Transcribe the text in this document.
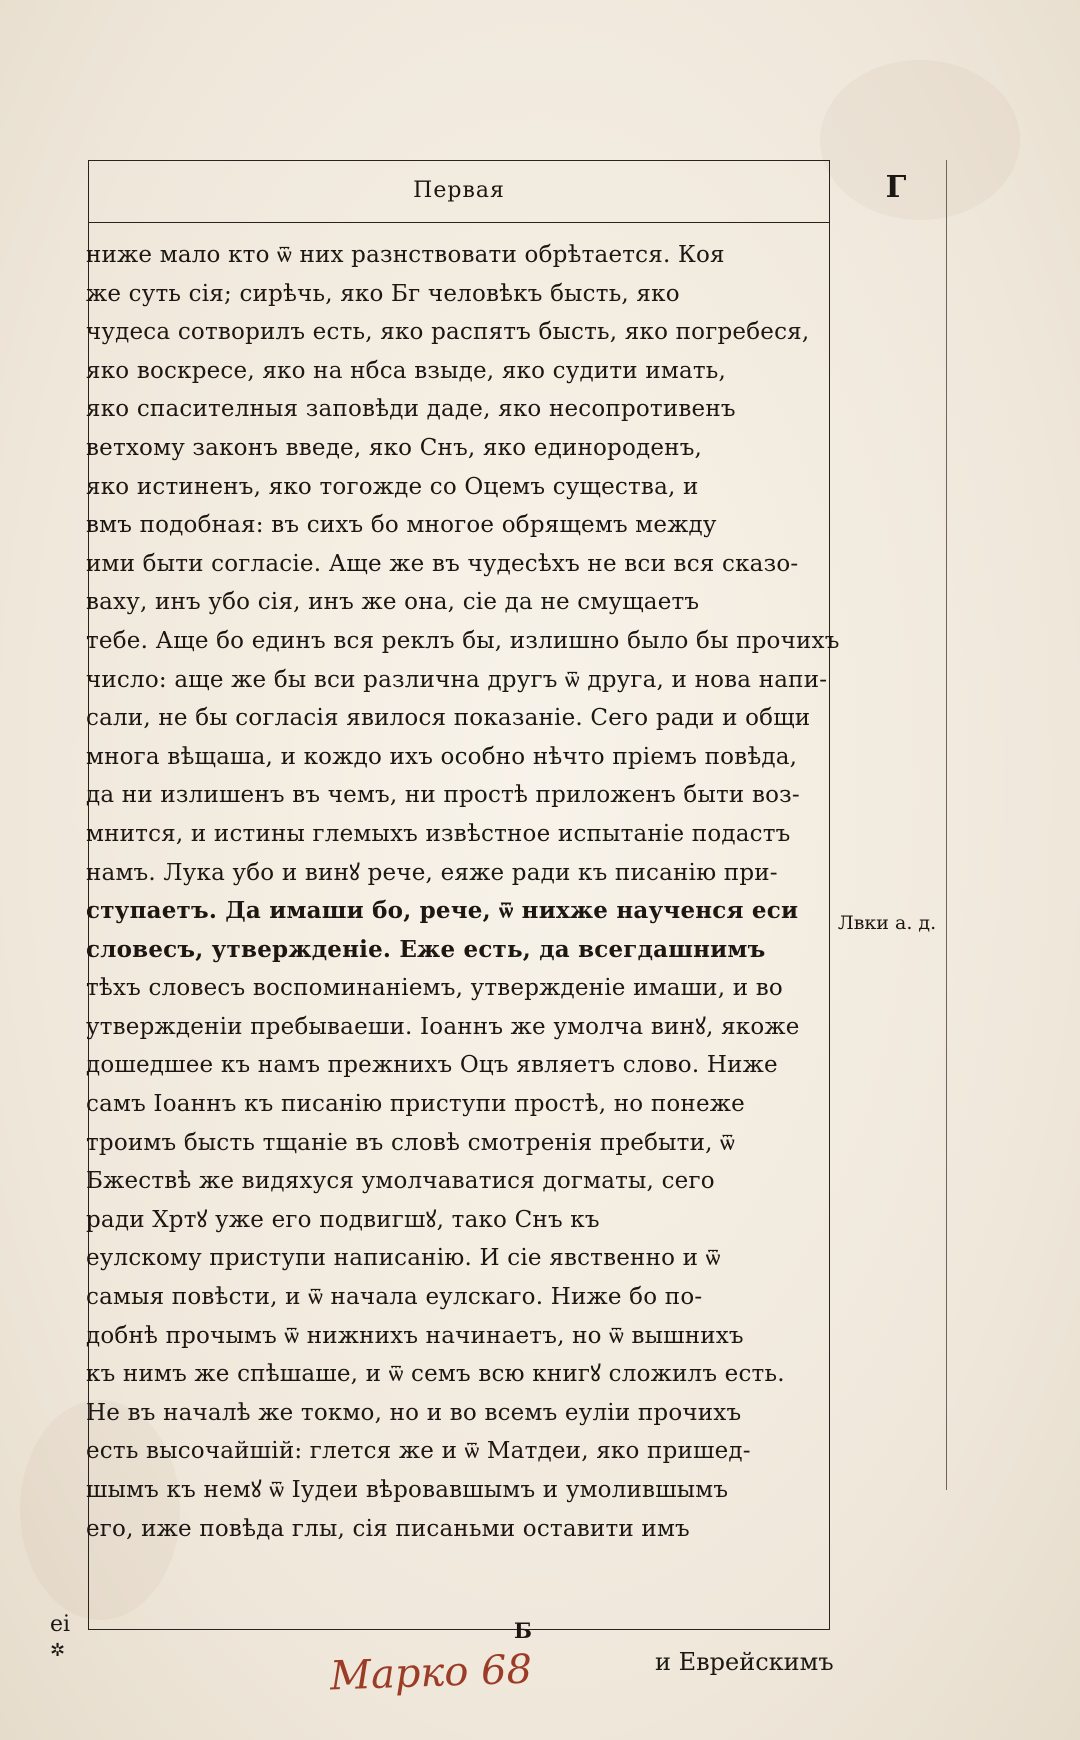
Первая	Г
ниже мало кто ѿ них разнствовати обрѣтается. Коя
же суть сія; сирѣчь, яко Бг человѣкъ бысть, яко
чудеса сотворилъ есть, яко распятъ бысть, яко погребеся,
яко воскресе, яко на нбса взыде, яко судити имать,
яко спасителныя заповѣди даде, яко несопротивенъ
ветхому законъ введе, яко Снъ, яко единороденъ,
яко истиненъ, яко тогожде со Оцемъ существа, и
вмъ подобная: въ сихъ бо многое обрящемъ между
ими быти согласіе. Аще же въ чудесѣхъ не вси вся сказо-
ваху, инъ убо сія, инъ же она, сіе да не смущаетъ
тебе. Аще бо единъ вся реклъ бы, излишно было бы прочихъ
число: аще же бы вси различна другъ ѿ друга, и нова напи-
сали, не бы согласія явилося показаніе. Сего ради и общи
многа вѣщаша, и кождо ихъ особно нѣчто пріемъ повѣда,
да ни излишенъ въ чемъ, ни простѣ приложенъ быти воз-
мнится, и истины глемыхъ извѣстное испытаніе подастъ
намъ. Лука убо и винꙋ рече, еяже ради къ писанію при-
ступаетъ. Да имаши бо, рече, ѿ нихже наученся еси
словесъ, утвержденіе. Еже есть, да всегдашнимъ
тѣхъ словесъ воспоминаніемъ, утвержденіе имаши, и во
утвержденіи пребываеши. Іоаннъ же умолча винꙋ, якоже
дошедшее къ намъ прежнихъ Оцъ являетъ слово. Ниже
самъ Іоаннъ къ писанію приступи простѣ, но понеже
троимъ бысть тщаніе въ словѣ смотренія пребыти, ѿ
Бжествѣ же видяхуся умолчаватися догматы, сего
ради Хртꙋ уже его подвигшꙋ, тако Снъ къ
еулскому приступи написанію. И сіе явственно и ѿ
самыя повѣсти, и ѿ начала еулскаго. Ниже бо по-
добнѣ прочымъ ѿ нижнихъ начинаетъ, но ѿ вышнихъ
къ нимъ же спѣшаше, и ѿ семъ всю книгꙋ сложилъ есть.
Не въ началѣ же токмо, но и во всемъ еуліи прочихъ
есть высочайшій: глется же и ѿ Матдеи, яко пришед-
шымъ къ немꙋ ѿ Іудеи вѣровавшымъ и умолившымъ
его, иже повѣда глы, сія писаньми оставити имъ
Лвки а. д.
еі
✲
Б
Марко 68	и Еврейскимъ
